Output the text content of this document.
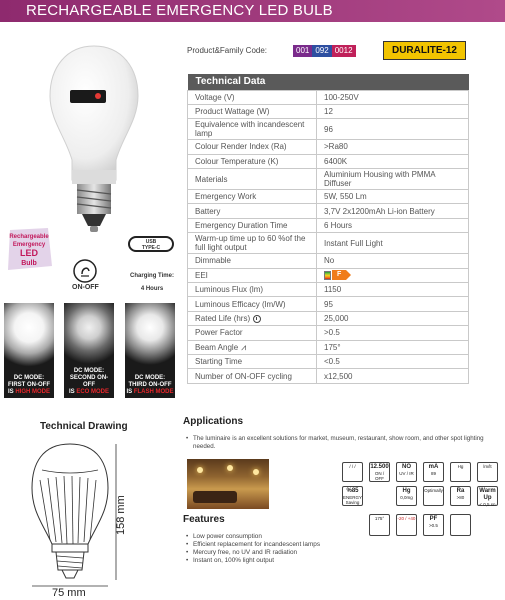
RECHARGEABLE EMERGENCY LED BULB
Product&Family Code:	001 092 0012	DURALITE-12
Rechargeable
Emergency
LED
Bulb
ON-OFF
USB
TYPE-C
Charging Time:
4 Hours
DC MODE:
FIRST ON-OFF
IS HIGH MODE
DC MODE:
SECOND ON-OFF
IS ECO MODE
DC MODE:
THIRD ON-OFF
IS FLASH MODE
Technical Drawing
75 mm
158 mm
Technical Data	
Voltage (V)	100-250V
Product Wattage (W)	12
Equivalence with incandescent lamp	96
Colour Render Index (Ra)	>Ra80
Colour Temperature (K)	6400K
Materials	Aluminium Housing with PMMA Diffuser
Emergency Work	5W, 550 Lm
Battery	3,7V 2x1200mAh Li-ion Battery
Emergency Duration Time	6 Hours
Warm-up time up to 60 %of the full light output	Instant Full Light
Dimmable	No
EEI	F

Luminous Flux (lm)	1150
Luminous Efficacy (lm/W)	95
Rated Life (hrs)	25,000
Power Factor	>0.5
Beam Angle ⩘	175°
Starting Time	<0.5
Number of ON-OFF cycling	x12,500
Applications
• The luminaire is an excellent solutions for market, museum, restaurant, show room, and other spot lighting needed.
Features
• Low power consumption
• Efficient replacement for incandescent lamps
• Mercury free, no UV and IR radiation
• Instant on, 100% light output
/ / /	12.500
ON / OFF
NO
UV / IR
mA
89
Hg	lm/lt
%85
ENERGY Saving
Hg
0,0mg
Optimally	Ra
>80
Warm Up
< 0,5 sn
175°	-20 / +40	PF
>0.5
